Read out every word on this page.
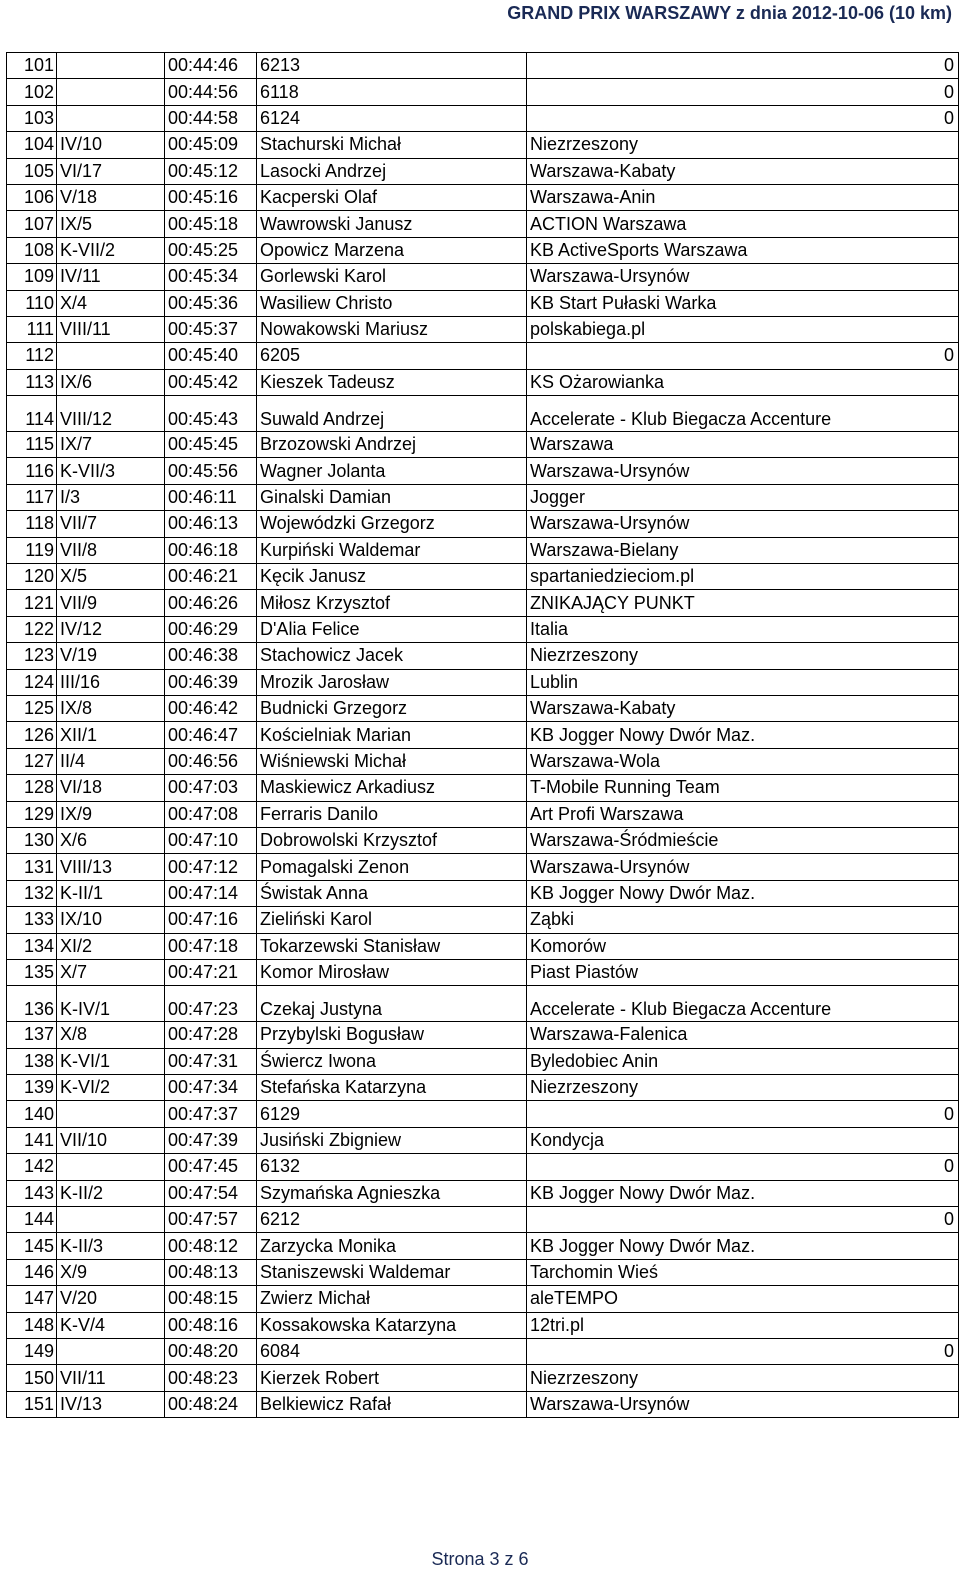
GRAND PRIX WARSZAWY z dnia 2012-10-06 (10 km)
101		00:44:46	6213	0
102		00:44:56	6118	0
103		00:44:58	6124	0
104	IV/10	00:45:09	Stachurski Michał	Niezrzeszony
105	VI/17	00:45:12	Lasocki Andrzej	Warszawa-Kabaty
106	V/18	00:45:16	Kacperski Olaf	Warszawa-Anin
107	IX/5	00:45:18	Wawrowski Janusz	ACTION Warszawa
108	K-VII/2	00:45:25	Opowicz Marzena	KB ActiveSports Warszawa
109	IV/11	00:45:34	Gorlewski Karol	Warszawa-Ursynów
110	X/4	00:45:36	Wasiliew Christo	KB Start Pułaski Warka
111	VIII/11	00:45:37	Nowakowski Mariusz	polskabiega.pl
112		00:45:40	6205	0
113	IX/6	00:45:42	Kieszek Tadeusz	KS Ożarowianka
114	VIII/12	00:45:43	Suwald Andrzej	Accelerate - Klub Biegacza Accenture
115	IX/7	00:45:45	Brzozowski Andrzej	Warszawa
116	K-VII/3	00:45:56	Wagner Jolanta	Warszawa-Ursynów
117	I/3	00:46:11	Ginalski Damian	Jogger
118	VII/7	00:46:13	Wojewódzki Grzegorz	Warszawa-Ursynów
119	VII/8	00:46:18	Kurpiński Waldemar	Warszawa-Bielany
120	X/5	00:46:21	Kęcik Janusz	spartaniedzieciom.pl
121	VII/9	00:46:26	Miłosz Krzysztof	ZNIKAJĄCY PUNKT
122	IV/12	00:46:29	D'Alia Felice	Italia
123	V/19	00:46:38	Stachowicz Jacek	Niezrzeszony
124	III/16	00:46:39	Mrozik Jarosław	Lublin
125	IX/8	00:46:42	Budnicki Grzegorz	Warszawa-Kabaty
126	XII/1	00:46:47	Kościelniak Marian	KB Jogger Nowy Dwór Maz.
127	II/4	00:46:56	Wiśniewski Michał	Warszawa-Wola
128	VI/18	00:47:03	Maskiewicz Arkadiusz	T-Mobile Running Team
129	IX/9	00:47:08	Ferraris Danilo	Art Profi Warszawa
130	X/6	00:47:10	Dobrowolski Krzysztof	Warszawa-Śródmieście
131	VIII/13	00:47:12	Pomagalski Zenon	Warszawa-Ursynów
132	K-II/1	00:47:14	Świstak Anna	KB Jogger Nowy Dwór Maz.
133	IX/10	00:47:16	Zieliński Karol	Ząbki
134	XI/2	00:47:18	Tokarzewski Stanisław	Komorów
135	X/7	00:47:21	Komor Mirosław	Piast Piastów
136	K-IV/1	00:47:23	Czekaj Justyna	Accelerate - Klub Biegacza Accenture
137	X/8	00:47:28	Przybylski Bogusław	Warszawa-Falenica
138	K-VI/1	00:47:31	Świercz Iwona	Byledobiec Anin
139	K-VI/2	00:47:34	Stefańska Katarzyna	Niezrzeszony
140		00:47:37	6129	0
141	VII/10	00:47:39	Jusiński Zbigniew	Kondycja
142		00:47:45	6132	0
143	K-II/2	00:47:54	Szymańska Agnieszka	KB Jogger Nowy Dwór Maz.
144		00:47:57	6212	0
145	K-II/3	00:48:12	Zarzycka Monika	KB Jogger Nowy Dwór Maz.
146	X/9	00:48:13	Staniszewski Waldemar	Tarchomin Wieś
147	V/20	00:48:15	Zwierz Michał	aleTEMPO
148	K-V/4	00:48:16	Kossakowska Katarzyna	12tri.pl
149		00:48:20	6084	0
150	VII/11	00:48:23	Kierzek Robert	Niezrzeszony
151	IV/13	00:48:24	Belkiewicz Rafał	Warszawa-Ursynów
Strona 3 z 6
